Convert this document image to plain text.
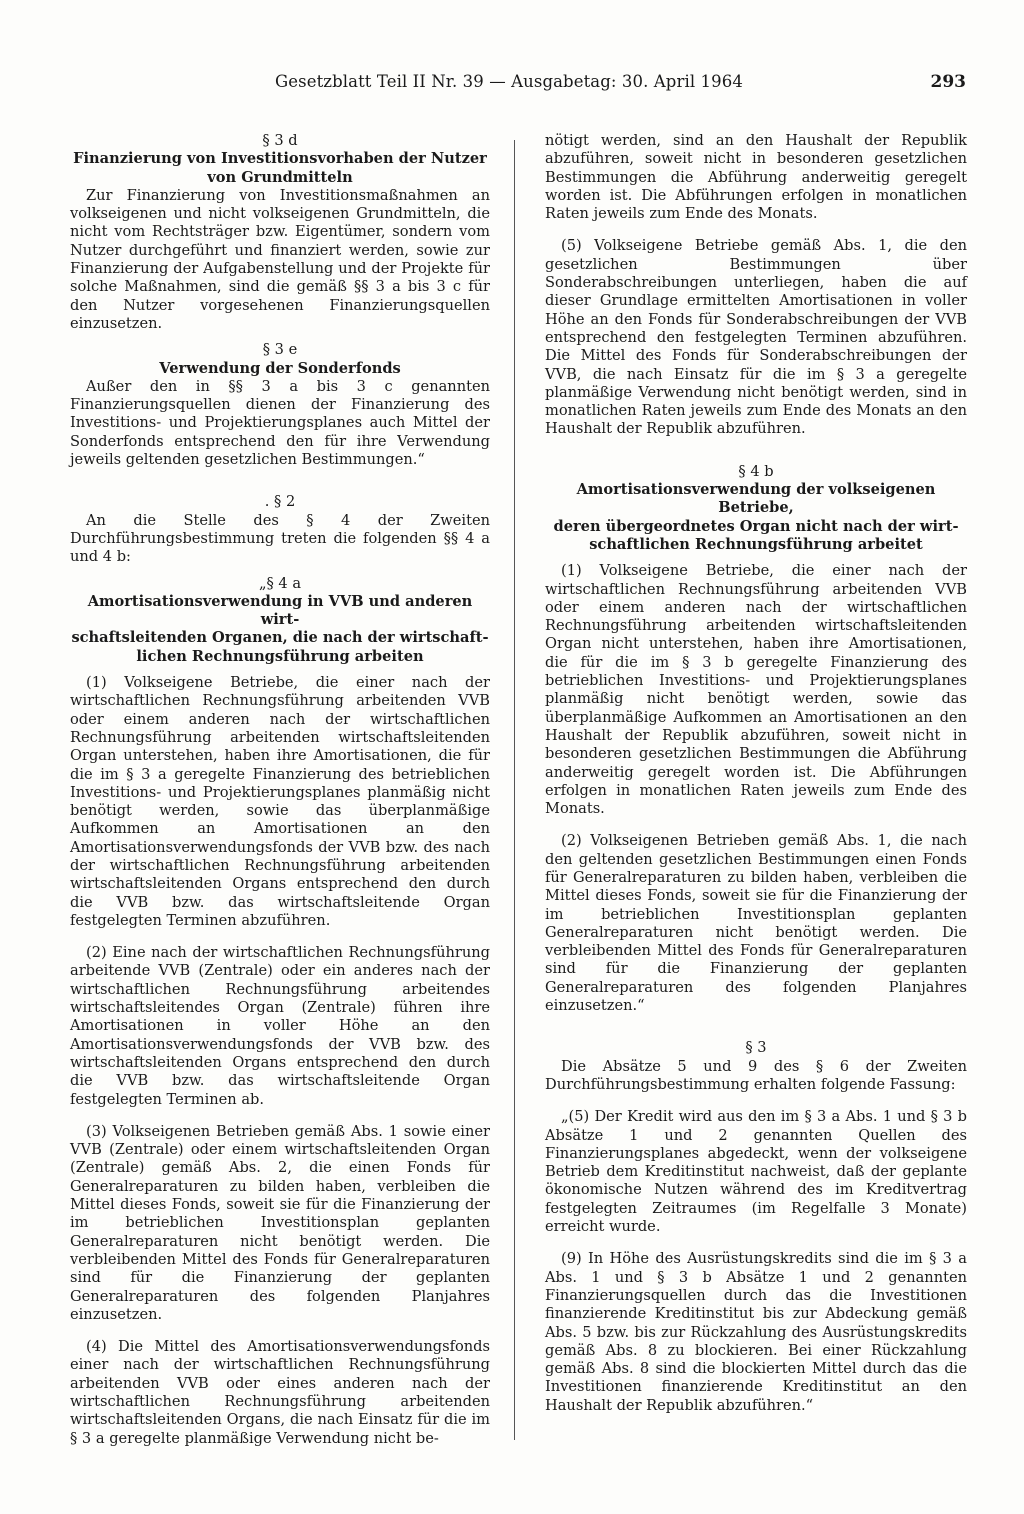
Gesetzblatt Teil II Nr. 39 — Ausgabetag: 30. April 1964	293
§ 3 d
Finanzierung von Investitionsvorhaben der Nutzer
von Grundmitteln

Zur Finanzierung von Investitionsmaßnahmen an volkseigenen und nicht volkseigenen Grundmitteln, die nicht vom Rechtsträger bzw. Eigentümer, sondern vom Nutzer durchgeführt und finanziert werden, sowie zur Finanzierung der Aufgabenstellung und der Projekte für solche Maßnahmen, sind die gemäß §§ 3 a bis 3 c für den Nutzer vorgesehenen Finanzierungsquellen einzusetzen.

§ 3 e
Verwendung der Sonderfonds

Außer den in §§ 3 a bis 3 c genannten Finanzierungsquellen dienen der Finanzierung des Investitions- und Projektierungsplanes auch Mittel der Sonderfonds entsprechend den für ihre Verwendung jeweils geltenden gesetzlichen Bestimmungen.“

. § 2

An die Stelle des § 4 der Zweiten Durchführungsbestimmung treten die folgenden §§ 4 a und 4 b:

„§ 4 a
Amortisationsverwendung in VVB und anderen wirt-
schaftsleitenden Organen, die nach der wirtschaft-
lichen Rechnungsführung arbeiten

(1) Volkseigene Betriebe, die einer nach der wirtschaftlichen Rechnungsführung arbeitenden VVB oder einem anderen nach der wirtschaftlichen Rechnungsführung arbeitenden wirtschaftsleitenden Organ unterstehen, haben ihre Amortisationen, die für die im § 3 a geregelte Finanzierung des betrieblichen Investitions- und Projektierungsplanes planmäßig nicht benötigt werden, sowie das überplanmäßige Aufkommen an Amortisationen an den Amortisationsverwendungsfonds der VVB bzw. des nach der wirtschaftlichen Rechnungsführung arbeitenden wirtschaftsleitenden Organs entsprechend den durch die VVB bzw. das wirtschaftsleitende Organ festgelegten Terminen abzuführen.

(2) Eine nach der wirtschaftlichen Rechnungsführung arbeitende VVB (Zentrale) oder ein anderes nach der wirtschaftlichen Rechnungsführung arbeitendes wirtschaftsleitendes Organ (Zentrale) führen ihre Amortisationen in voller Höhe an den Amortisationsverwendungsfonds der VVB bzw. des wirtschaftsleitenden Organs entsprechend den durch die VVB bzw. das wirtschaftsleitende Organ festgelegten Terminen ab.

(3) Volkseigenen Betrieben gemäß Abs. 1 sowie einer VVB (Zentrale) oder einem wirtschaftsleitenden Organ (Zentrale) gemäß Abs. 2, die einen Fonds für Generalreparaturen zu bilden haben, verbleiben die Mittel dieses Fonds, soweit sie für die Finanzierung der im betrieblichen Investitionsplan geplanten Generalreparaturen nicht benötigt werden. Die verbleibenden Mittel des Fonds für Generalreparaturen sind für die Finanzierung der geplanten Generalreparaturen des folgenden Planjahres einzusetzen.

(4) Die Mittel des Amortisationsverwendungsfonds einer nach der wirtschaftlichen Rechnungsführung arbeitenden VVB oder eines anderen nach der wirtschaftlichen Rechnungsführung arbeitenden wirtschaftsleitenden Organs, die nach Einsatz für die im § 3 a geregelte planmäßige Verwendung nicht be-

nötigt werden, sind an den Haushalt der Republik abzuführen, soweit nicht in besonderen gesetzlichen Bestimmungen die Abführung anderweitig geregelt worden ist. Die Abführungen erfolgen in monatlichen Raten jeweils zum Ende des Monats.

(5) Volkseigene Betriebe gemäß Abs. 1, die den gesetzlichen Bestimmungen über Sonderabschreibungen unterliegen, haben die auf dieser Grundlage ermittelten Amortisationen in voller Höhe an den Fonds für Sonderabschreibungen der VVB entsprechend den festgelegten Terminen abzuführen. Die Mittel des Fonds für Sonderabschreibungen der VVB, die nach Einsatz für die im § 3 a geregelte planmäßige Verwendung nicht benötigt werden, sind in monatlichen Raten jeweils zum Ende des Monats an den Haushalt der Republik abzuführen.

§ 4 b
Amortisationsverwendung der volkseigenen Betriebe,
deren übergeordnetes Organ nicht nach der wirt-
schaftlichen Rechnungsführung arbeitet

(1) Volkseigene Betriebe, die einer nach der wirtschaftlichen Rechnungsführung arbeitenden VVB oder einem anderen nach der wirtschaftlichen Rechnungsführung arbeitenden wirtschaftsleitenden Organ nicht unterstehen, haben ihre Amortisationen, die für die im § 3 b geregelte Finanzierung des betrieblichen Investitions- und Projektierungsplanes planmäßig nicht benötigt werden, sowie das überplanmäßige Aufkommen an Amortisationen an den Haushalt der Republik abzuführen, soweit nicht in besonderen gesetzlichen Bestimmungen die Abführung anderweitig geregelt worden ist. Die Abführungen erfolgen in monatlichen Raten jeweils zum Ende des Monats.

(2) Volkseigenen Betrieben gemäß Abs. 1, die nach den geltenden gesetzlichen Bestimmungen einen Fonds für Generalreparaturen zu bilden haben, verbleiben die Mittel dieses Fonds, soweit sie für die Finanzierung der im betrieblichen Investitionsplan geplanten Generalreparaturen nicht benötigt werden. Die verbleibenden Mittel des Fonds für Generalreparaturen sind für die Finanzierung der geplanten Generalreparaturen des folgenden Planjahres einzusetzen.“

§ 3

Die Absätze 5 und 9 des § 6 der Zweiten Durchführungsbestimmung erhalten folgende Fassung:

„(5) Der Kredit wird aus den im § 3 a Abs. 1 und § 3 b Absätze 1 und 2 genannten Quellen des Finanzierungsplanes abgedeckt, wenn der volkseigene Betrieb dem Kreditinstitut nachweist, daß der geplante ökonomische Nutzen während des im Kreditvertrag festgelegten Zeitraumes (im Regelfalle 3 Monate) erreicht wurde.

(9) In Höhe des Ausrüstungskredits sind die im § 3 a Abs. 1 und § 3 b Absätze 1 und 2 genannten Finanzierungsquellen durch das die Investitionen finanzierende Kreditinstitut bis zur Abdeckung gemäß Abs. 5 bzw. bis zur Rückzahlung des Ausrüstungskredits gemäß Abs. 8 zu blockieren. Bei einer Rückzahlung gemäß Abs. 8 sind die blockierten Mittel durch das die Investitionen finanzierende Kreditinstitut an den Haushalt der Republik abzuführen.“
